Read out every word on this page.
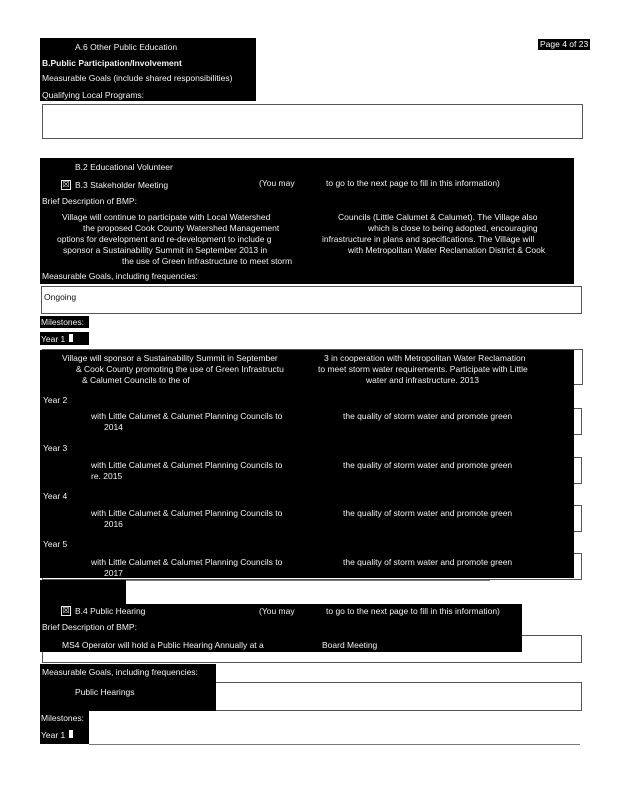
Page 4 of 23
A.6 Other Public Education
B.Public Participation/Involvement
Measurable Goals (include shared responsibilities)
Qualifying Local Programs:
B.2 Educational Volunteer
☒ B.3 Stakeholder Meeting	(You may	to go to the next page to fill in this information)
Brief Description of BMP:
Village will continue to participate with Local Watershed	Councils (Little Calumet & Calumet). The Village also
the proposed Cook County Watershed Management	which is close to being adopted, encouraging
options for development and re-development to include g	infrastructure in plans and specifications. The Village will
sponsor a Sustainability Summit in September 2013 in	with Metropolitan Water Reclamation District & Cook
the use of Green Infrastructure to meet storm
Measurable Goals, including frequencies:
Ongoing
Milestones:
Year 1
Village will sponsor a Sustainability Summit in September	3 in cooperation with Metropolitan Water Reclamation
& Cook County promoting the use of Green Infrastructu	to meet storm water requirements. Participate with Little
& Calumet Councils to the of	water and infrastructure. 2013
Year 2
with Little Calumet & Calumet Planning Councils to	the quality of storm water and promote green
2014
Year 3
with Little Calumet & Calumet Planning Councils to	the quality of storm water and promote green
re. 2015
Year 4
with Little Calumet & Calumet Planning Councils to	the quality of storm water and promote green
2016
Year 5
with Little Calumet & Calumet Planning Councils to	the quality of storm water and promote green
2017
☒ B.4 Public Hearing	(You may	to go to the next page to fill in this information)
Brief Description of BMP:
MS4 Operator will hold a Public Hearing Annually at a	Board Meeting
Measurable Goals, including frequencies:
Public Hearings
Milestones:
Year 1
